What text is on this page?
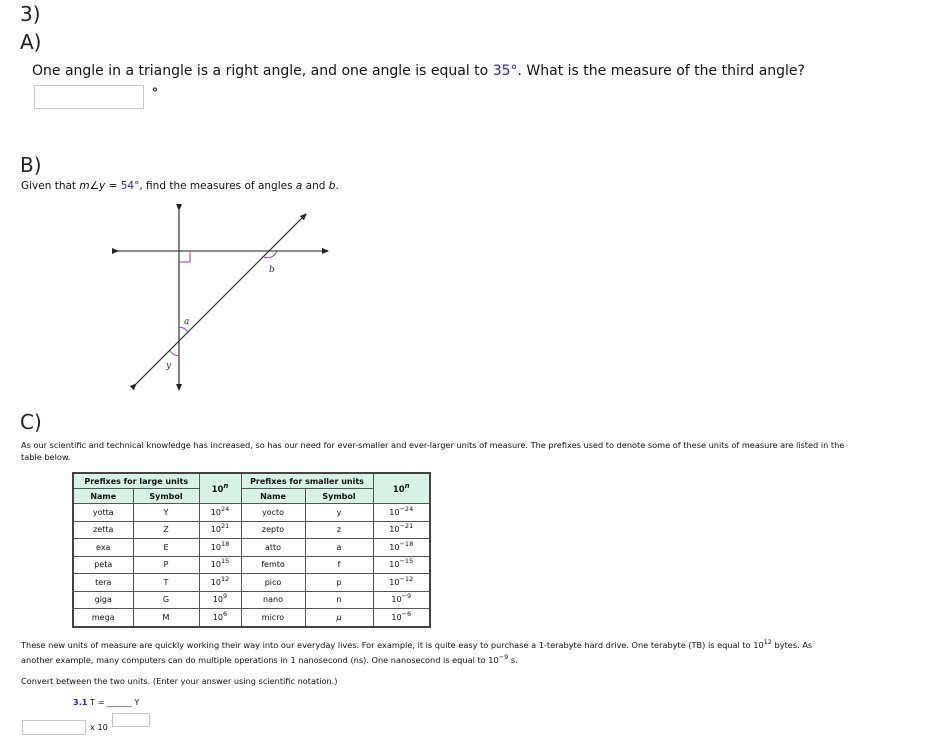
3)
A)
One angle in a triangle is a right angle, and one angle is equal to 35°. What is the measure of the third angle?
°
B)
Given that m∠y = 54°, find the measures of angles a and b.
a
b
y
C)
As our scientific and technical knowledge has increased, so has our need for ever-smaller and ever-larger units of measure. The prefixes used to denote some of these units of measure are listed in the
table below.
Prefixes for large units		10$^n$	Prefixes for smaller units		10$^n$
Name	Symbol		Name	Symbol	
yotta	Y	$10^{24}$	yocto	y	$10^{-24}$
zetta	Z	$10^{21}$	zepto	z	$10^{-21}$
exa	E	$10^{18}$	atto	a	$10^{-18}$
peta	P	$10^{15}$	femto	f	$10^{-15}$
tera	T	$10^{12}$	pico	p	$10^{-12}$
giga	G	$10^9$	nano	n	$10^{-9}$
mega	M	$10^6$	micro	μ	$10^{-6}$
These new units of measure are quickly working their way into our everyday lives. For example, it is quite easy to purchase a 1-terabyte hard drive. One terabyte (TB) is equal to $10^{12}$ bytes. As
another example, many computers can do multiple operations in 1 nanosecond (ns). One nanosecond is equal to $10^{-9}$ s.
Convert between the two units. (Enter your answer using scientific notation.)
3.1 T = ______ Y
x 10
